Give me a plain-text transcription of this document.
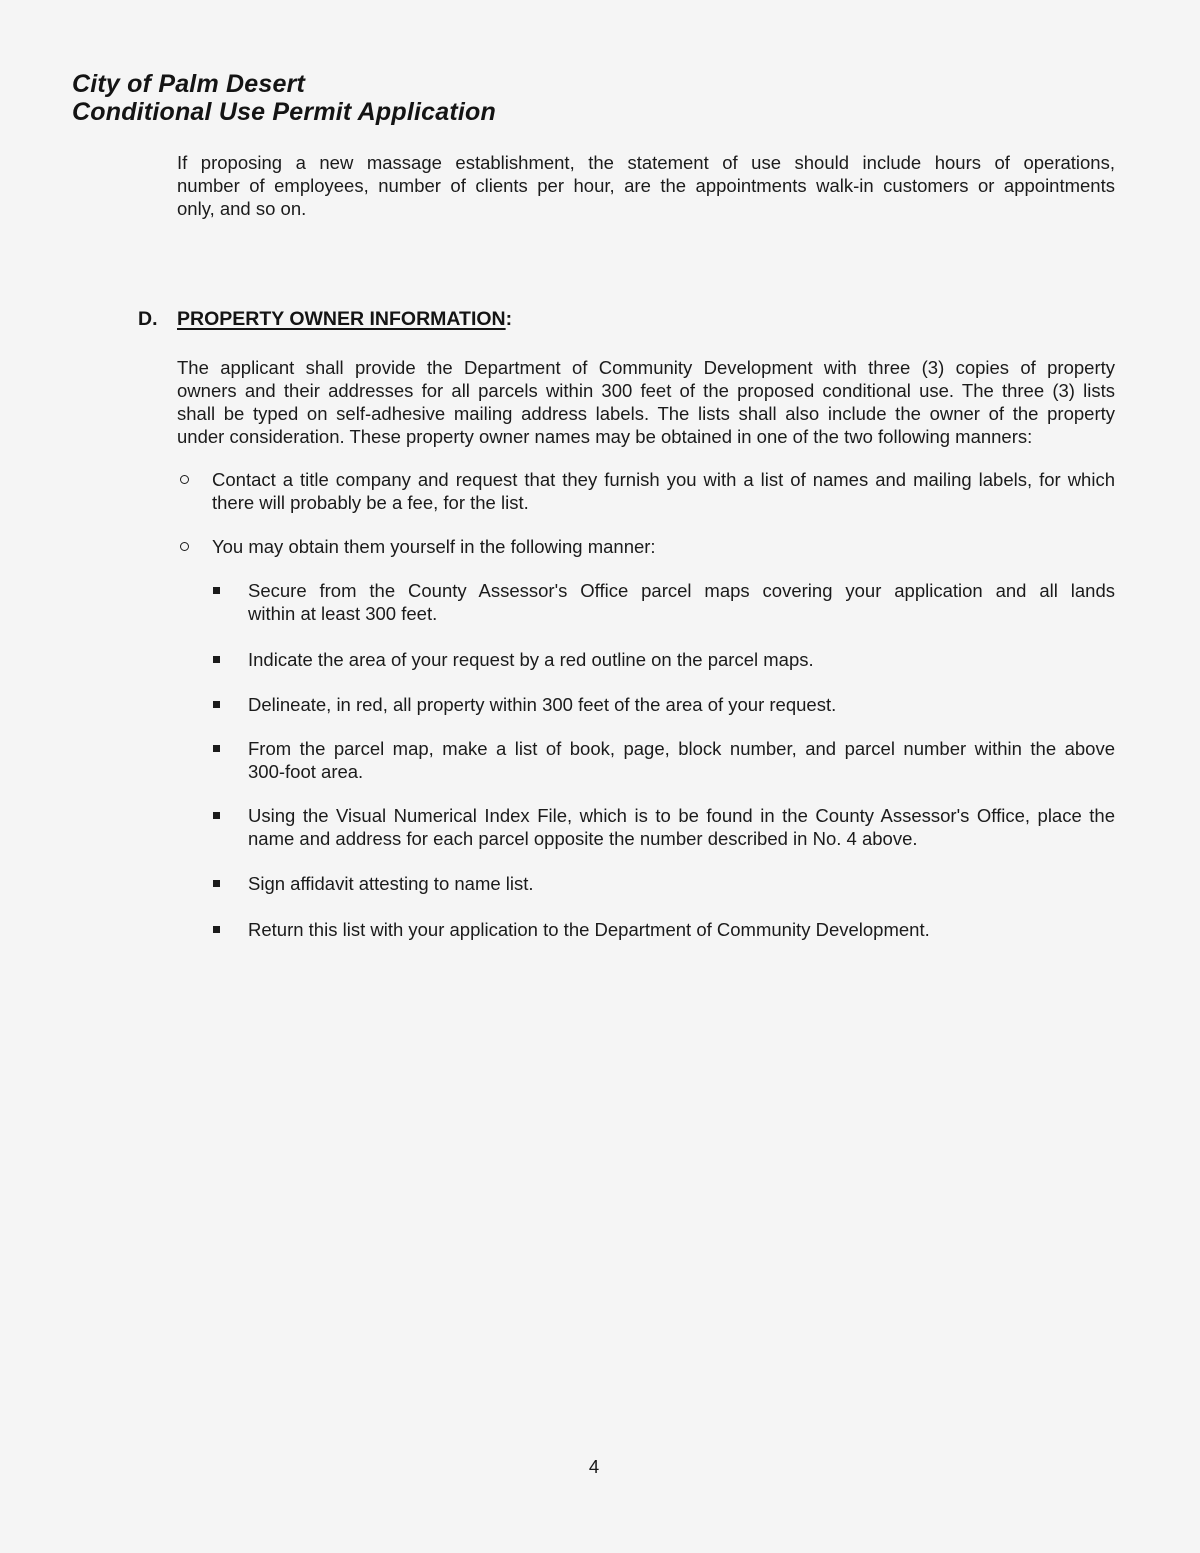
City of Palm Desert
Conditional Use Permit Application
If proposing a new massage establishment, the statement of use should include hours of operations,
number of employees, number of clients per hour, are the appointments walk-in customers or appointments
only, and so on.
D. PROPERTY OWNER INFORMATION:
The applicant shall provide the Department of Community Development with three (3) copies of property
owners and their addresses for all parcels within 300 feet of the proposed conditional use. The three (3) lists
shall be typed on self-adhesive mailing address labels. The lists shall also include the owner of the property
under consideration. These property owner names may be obtained in one of the two following manners:
Contact a title company and request that they furnish you with a list of names and mailing labels, for which
there will probably be a fee, for the list.
You may obtain them yourself in the following manner:
Secure from the County Assessor's Office parcel maps covering your application and all lands
within at least 300 feet.
Indicate the area of your request by a red outline on the parcel maps.
Delineate, in red, all property within 300 feet of the area of your request.
From the parcel map, make a list of book, page, block number, and parcel number within the above
300-foot area.
Using the Visual Numerical Index File, which is to be found in the County Assessor's Office, place the
name and address for each parcel opposite the number described in No. 4 above.
Sign affidavit attesting to name list.
Return this list with your application to the Department of Community Development.
4
